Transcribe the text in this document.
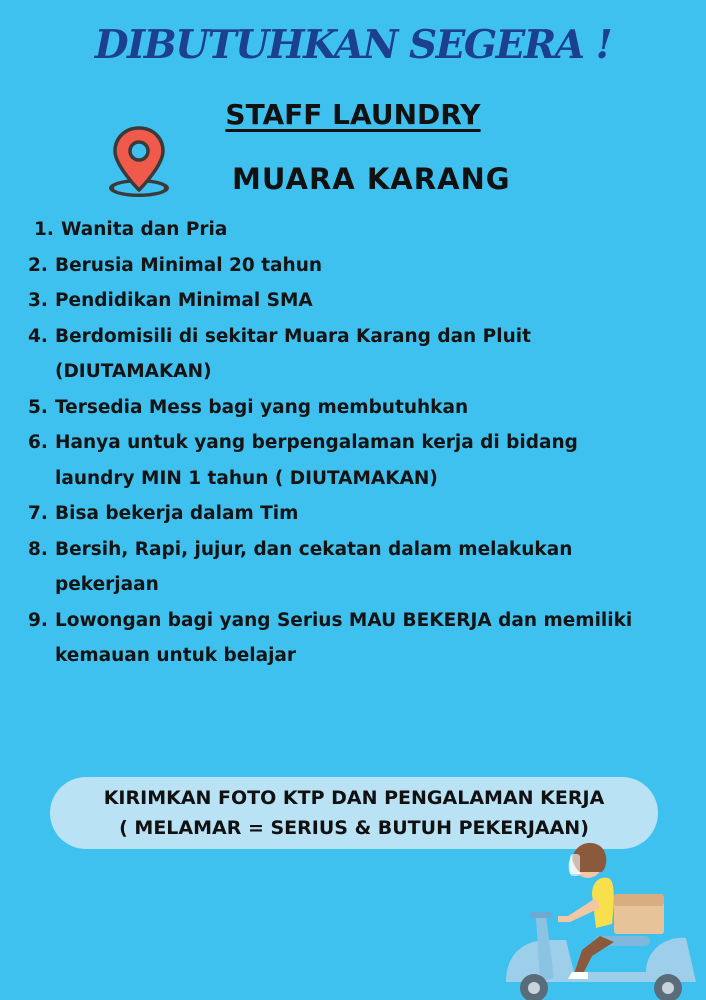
DIBUTUHKAN SEGERA !
STAFF LAUNDRY
MUARA KARANG
1. Wanita dan Pria
2. Berusia Minimal 20 tahun
3. Pendidikan Minimal SMA
4. Berdomisili di sekitar Muara Karang dan Pluit
(DIUTAMAKAN)
5. Tersedia Mess bagi yang membutuhkan
6. Hanya untuk yang berpengalaman kerja di bidang
laundry MIN 1 tahun ( DIUTAMAKAN)
7. Bisa bekerja dalam Tim
8. Bersih, Rapi, jujur, dan cekatan dalam melakukan
pekerjaan
9. Lowongan bagi yang Serius MAU BEKERJA dan memiliki
kemauan untuk belajar
KIRIMKAN FOTO KTP DAN PENGALAMAN KERJA
( MELAMAR = SERIUS & BUTUH PEKERJAAN)
